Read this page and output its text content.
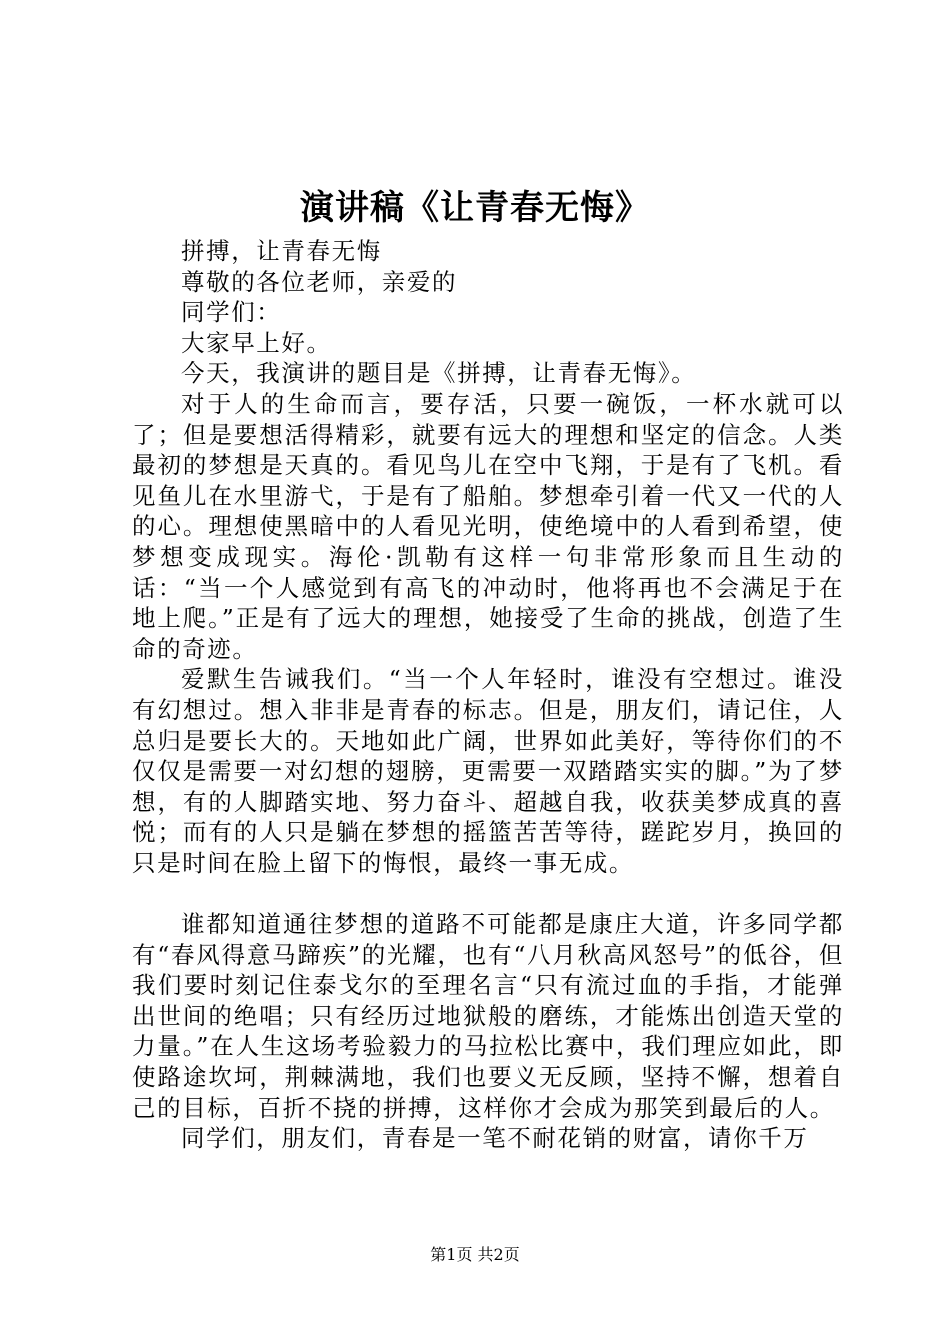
演讲稿《让青春无悔》

拼搏，让青春无悔

尊敬的各位老师，亲爱的

同学们：

大家早上好。

今天，我演讲的题目是《拼搏，让青春无悔》。

对于人的生命而言，要存活，只要一碗饭，一杯水就可以了；但是要想活得精彩，就要有远大的理想和坚定的信念。人类最初的梦想是天真的。看见鸟儿在空中飞翔，于是有了飞机。看见鱼儿在水里游弋，于是有了船舶。梦想牵引着一代又一代的人的心。理想使黑暗中的人看见光明，使绝境中的人看到希望，使梦想变成现实。海伦·凯勒有这样一句非常形象而且生动的话：“当一个人感觉到有高飞的冲动时，他将再也不会满足于在地上爬。”正是有了远大的理想，她接受了生命的挑战，创造了生命的奇迹。

爱默生告诫我们。“当一个人年轻时，谁没有空想过。谁没有幻想过。想入非非是青春的标志。但是，朋友们，请记住，人总归是要长大的。天地如此广阔，世界如此美好，等待你们的不仅仅是需要一对幻想的翅膀，更需要一双踏踏实实的脚。”为了梦想，有的人脚踏实地、努力奋斗、超越自我，收获美梦成真的喜悦；而有的人只是躺在梦想的摇篮苦苦等待，蹉跎岁月，换回的只是时间在脸上留下的悔恨，最终一事无成。

谁都知道通往梦想的道路不可能都是康庄大道，许多同学都有“春风得意马蹄疾”的光耀，也有“八月秋高风怒号”的低谷，但我们要时刻记住泰戈尔的至理名言“只有流过血的手指，才能弹出世间的绝唱；只有经历过地狱般的磨练，才能炼出创造天堂的力量。”在人生这场考验毅力的马拉松比赛中，我们理应如此，即使路途坎坷，荆棘满地，我们也要义无反顾，坚持不懈，想着自己的目标，百折不挠的拼搏，这样你才会成为那笑到最后的人。

同学们，朋友们，青春是一笔不耐花销的财富，请你千万

第1页 共2页
